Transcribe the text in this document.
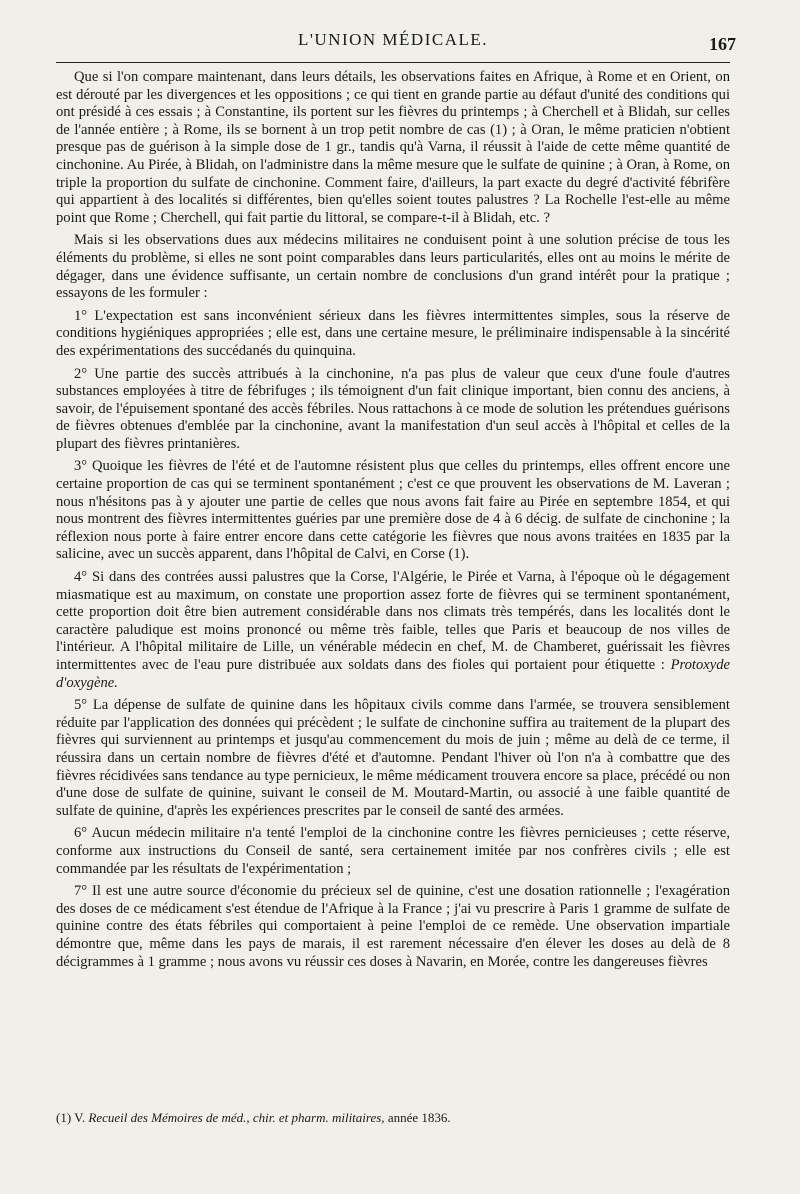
L'UNION MÉDICALE.	167

Que si l'on compare maintenant, dans leurs détails, les observations faites en Afrique, à Rome et en Orient, on est dérouté par les divergences et les oppositions ; ce qui tient en grande partie au défaut d'unité des conditions qui ont présidé à ces essais ; à Constantine, ils portent sur les fièvres du printemps ; à Cherchell et à Blidah, sur celles de l'année entière ; à Rome, ils se bornent à un trop petit nombre de cas (1) ; à Oran, le même praticien n'obtient presque pas de guérison à la simple dose de 1 gr., tandis qu'à Varna, il réussit à l'aide de cette même quantité de cinchonine. Au Pirée, à Blidah, on l'administre dans la même mesure que le sulfate de quinine ; à Oran, à Rome, on triple la proportion du sulfate de cinchonine. Comment faire, d'ailleurs, la part exacte du degré d'activité fébrifère qui appartient à des localités si différentes, bien qu'elles soient toutes palustres ? La Rochelle l'est-elle au même point que Rome ; Cherchell, qui fait partie du littoral, se compare-t-il à Blidah, etc. ?

Mais si les observations dues aux médecins militaires ne conduisent point à une solution précise de tous les éléments du problème, si elles ne sont point comparables dans leurs particularités, elles ont au moins le mérite de dégager, dans une évidence suffisante, un certain nombre de conclusions d'un grand intérêt pour la pratique ; essayons de les formuler :

1° L'expectation est sans inconvénient sérieux dans les fièvres intermittentes simples, sous la réserve de conditions hygiéniques appropriées ; elle est, dans une certaine mesure, le préliminaire indispensable à la sincérité des expérimentations des succédanés du quinquina.

2° Une partie des succès attribués à la cinchonine, n'a pas plus de valeur que ceux d'une foule d'autres substances employées à titre de fébrifuges ; ils témoignent d'un fait clinique important, bien connu des anciens, à savoir, de l'épuisement spontané des accès fébriles. Nous rattachons à ce mode de solution les prétendues guérisons de fièvres obtenues d'emblée par la cinchonine, avant la manifestation d'un seul accès à l'hôpital et celles de la plupart des fièvres printanières.

3° Quoique les fièvres de l'été et de l'automne résistent plus que celles du printemps, elles offrent encore une certaine proportion de cas qui se terminent spontanément ; c'est ce que prouvent les observations de M. Laveran ; nous n'hésitons pas à y ajouter une partie de celles que nous avons fait faire au Pirée en septembre 1854, et qui nous montrent des fièvres intermittentes guéries par une première dose de 4 à 6 décig. de sulfate de cinchonine ; la réflexion nous porte à faire entrer encore dans cette catégorie les fièvres que nous avons traitées en 1835 par la salicine, avec un succès apparent, dans l'hôpital de Calvi, en Corse (1).

4° Si dans des contrées aussi palustres que la Corse, l'Algérie, le Pirée et Varna, à l'époque où le dégagement miasmatique est au maximum, on constate une proportion assez forte de fièvres qui se terminent spontanément, cette proportion doit être bien autrement considérable dans nos climats très tempérés, dans les localités dont le caractère paludique est moins prononcé ou même très faible, telles que Paris et beaucoup de nos villes de l'intérieur. A l'hôpital militaire de Lille, un vénérable médecin en chef, M. de Chamberet, guérissait les fièvres intermittentes avec de l'eau pure distribuée aux soldats dans des fioles qui portaient pour étiquette : Protoxyde d'oxygène.

5° La dépense de sulfate de quinine dans les hôpitaux civils comme dans l'armée, se trouvera sensiblement réduite par l'application des données qui précèdent ; le sulfate de cinchonine suffira au traitement de la plupart des fièvres qui surviennent au printemps et jusqu'au commencement du mois de juin ; même au delà de ce terme, il réussira dans un certain nombre de fièvres d'été et d'automne. Pendant l'hiver où l'on n'a à combattre que des fièvres récidivées sans tendance au type pernicieux, le même médicament trouvera encore sa place, précédé ou non d'une dose de sulfate de quinine, suivant le conseil de M. Moutard-Martin, ou associé à une faible quantité de sulfate de quinine, d'après les expériences prescrites par le conseil de santé des armées.

6° Aucun médecin militaire n'a tenté l'emploi de la cinchonine contre les fièvres pernicieuses ; cette réserve, conforme aux instructions du Conseil de santé, sera certainement imitée par nos confrères civils ; elle est commandée par les résultats de l'expérimentation ;

7° Il est une autre source d'économie du précieux sel de quinine, c'est une dosation rationnelle ; l'exagération des doses de ce médicament s'est étendue de l'Afrique à la France ; j'ai vu prescrire à Paris 1 gramme de sulfate de quinine contre des états fébriles qui comportaient à peine l'emploi de ce remède. Une observation impartiale démontre que, même dans les pays de marais, il est rarement nécessaire d'en élever les doses au delà de 8 décigrammes à 1 gramme ; nous avons vu réussir ces doses à Navarin, en Morée, contre les dangereuses fièvres

(1) V. Recueil des Mémoires de méd., chir. et pharm. militaires, année 1836.
